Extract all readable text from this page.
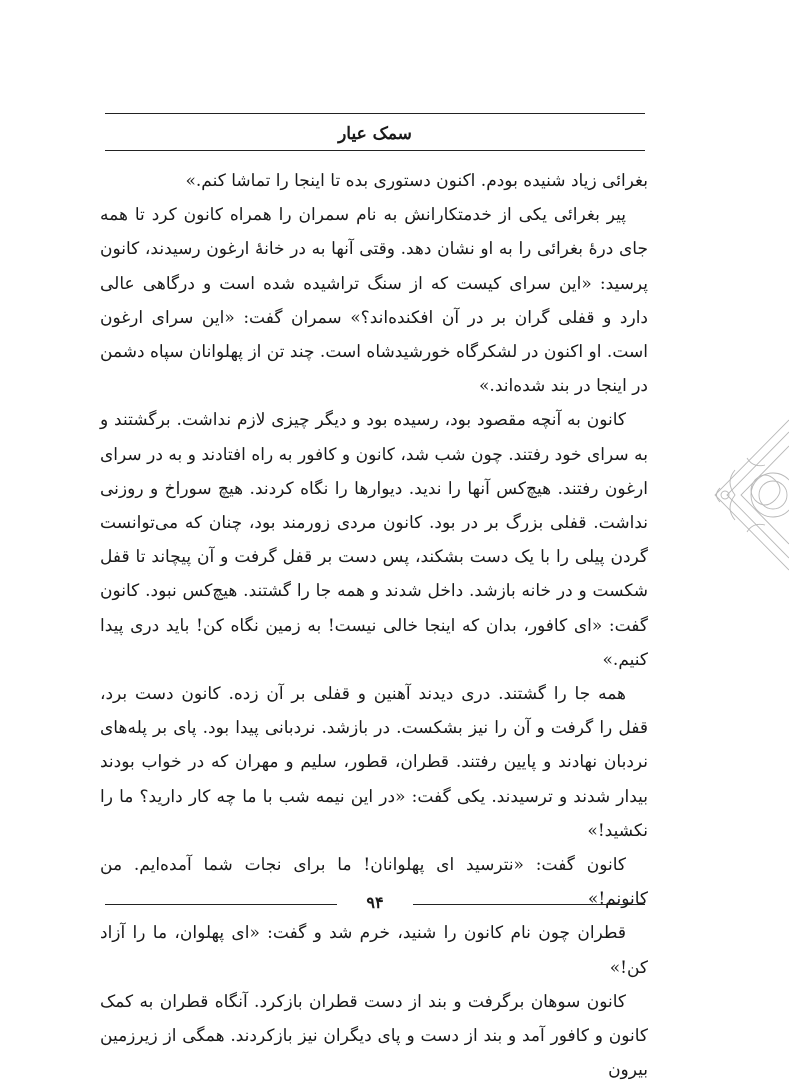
سمک عیار

بغرائی زیاد شنیده بودم. اکنون دستوری بده تا اینجا را تماشا کنم.»

پیر بغرائی یکی از خدمتکارانش به نام سمران را همراه کانون کرد تا همه جای درهٔ بغرائی را به او نشان دهد. وقتی آنها به در خانهٔ ارغون رسیدند، کانون پرسید: «این سرای کیست که از سنگ تراشیده شده است و درگاهی عالی دارد و قفلی گران بر در آن افکنده‌اند؟» سمران گفت: «این سرای ارغون است. او اکنون در لشکرگاه خورشیدشاه است. چند تن از پهلوانان سپاه دشمن در اینجا در بند شده‌اند.»

کانون به آنچه مقصود بود، رسیده بود و دیگر چیزی لازم نداشت. برگشتند و به سرای خود رفتند. چون شب شد، کانون و کافور به راه افتادند و به در سرای ارغون رفتند. هیچ‌کس آنها را ندید. دیوارها را نگاه کردند. هیچ سوراخ و روزنی نداشت. قفلی بزرگ بر در بود. کانون مردی زورمند بود، چنان که می‌توانست گردن پیلی را با یک دست بشکند، پس دست بر قفل گرفت و آن پیچاند تا قفل شکست و در خانه بازشد. داخل شدند و همه جا را گشتند. هیچ‌کس نبود. کانون گفت: «ای کافور، بدان که اینجا خالی نیست! به زمین نگاه کن! باید دری پیدا کنیم.»

همه جا را گشتند. دری دیدند آهنین و قفلی بر آن زده. کانون دست برد، قفل را گرفت و آن را نیز بشکست. در بازشد. نردبانی پیدا بود. پای بر پله‌های نردبان نهادند و پایین رفتند. قطران، قطور، سلیم و مهران که در خواب بودند بیدار شدند و ترسیدند. یکی گفت: «در این نیمه شب با ما چه کار دارید؟ ما را نکشید!»

کانون گفت: «نترسید ای پهلوانان! ما برای نجات شما آمده‌ایم. من کانونم!»

قطران چون نام کانون را شنید، خرم شد و گفت: «ای پهلوان، ما را آزاد کن!»

کانون سوهان برگرفت و بند از دست قطران بازکرد. آنگاه قطران به کمک کانون و کافور آمد و بند از دست و پای دیگران نیز بازکردند. همگی از زیرزمین بیرون

۹۴
